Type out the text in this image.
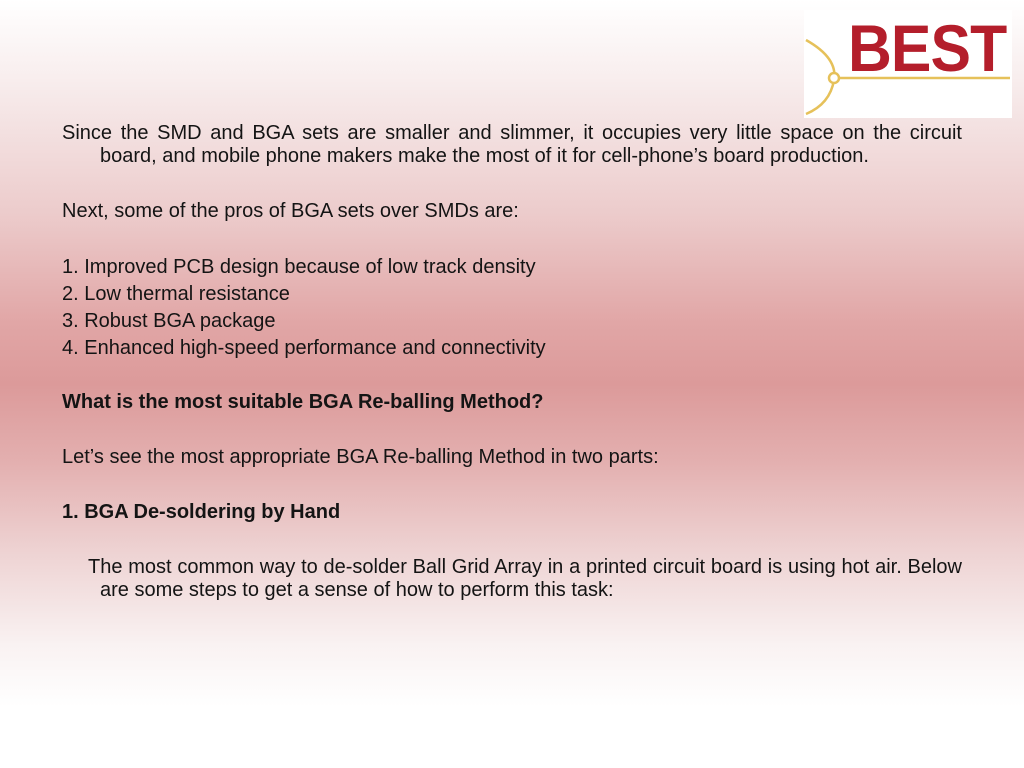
BEST

Since the SMD and BGA sets are smaller and slimmer, it occupies very little space on the circuit board, and mobile phone makers make the most of it for cell-phone’s board production.

Next, some of the pros of BGA sets over SMDs are:

1. Improved PCB design because of low track density

2. Low thermal resistance

3. Robust BGA package

4. Enhanced high-speed performance and connectivity

What is the most suitable BGA Re-balling Method?

Let’s see the most appropriate BGA Re-balling Method in two parts:

1. BGA De-soldering by Hand

The most common way to de-solder Ball Grid Array in a printed circuit board is using hot air. Below are some steps to get a sense of how to perform this task:
